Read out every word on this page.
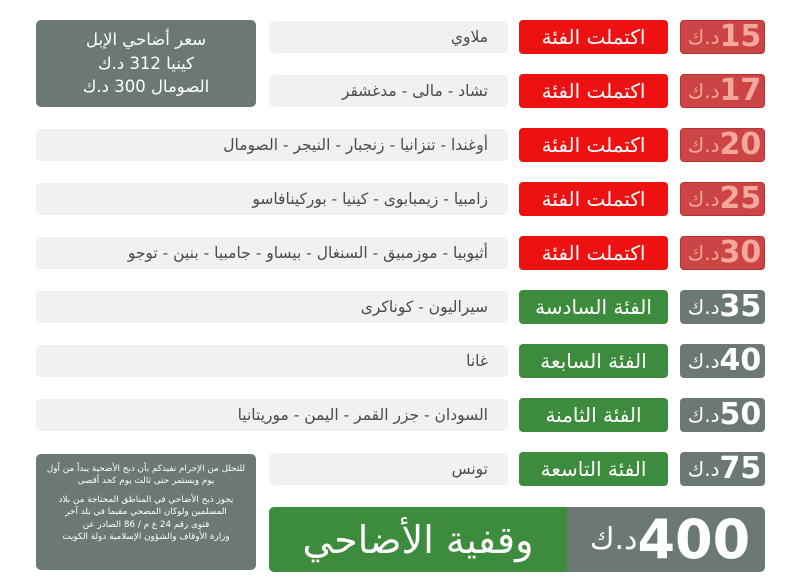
15
د.ك
اكتملت الفئة
ملاوي
17
د.ك
اكتملت الفئة
تشاد - مالى - مدغشقر
20
د.ك
اكتملت الفئة
أوغندا - تنزانيا - زنجبار - النيجر - الصومال
25
د.ك
اكتملت الفئة
زامبيا - زيمبابوى - كينيا - بوركينافاسو
30
د.ك
اكتملت الفئة
أثيوبيا - موزمبيق - السنغال - بيساو - جامبيا - بنين - توجو
35
د.ك
الفئة السادسة
سيراليون - كوناكرى
40
د.ك
الفئة السابعة
غانا
50
د.ك
الفئة الثامنة
السودان - جزر القمر - اليمن - موريتانيا
75
د.ك
الفئة التاسعة
تونس
سعر أضاحي الإبل
كينيا 312 د.ك
الصومال 300 د.ك

للتحلل من الإحرام نفيدكم بأن ذبح الأضحية يبدأ من أول يوم ويستمر حتى ثالث يوم كحد أقصى

يجوز ذبح الأضاحي في المناطق المحتاجة من بلاد المسلمين ولوكان المضحي مقيما في بلد آخر
فتوى رقم 24 ع م / 86 الصادر عن
وزارة الأوقاف والشؤون الإسلامية دولة الكويت	وقفية الأضاحي	400
د.ك
